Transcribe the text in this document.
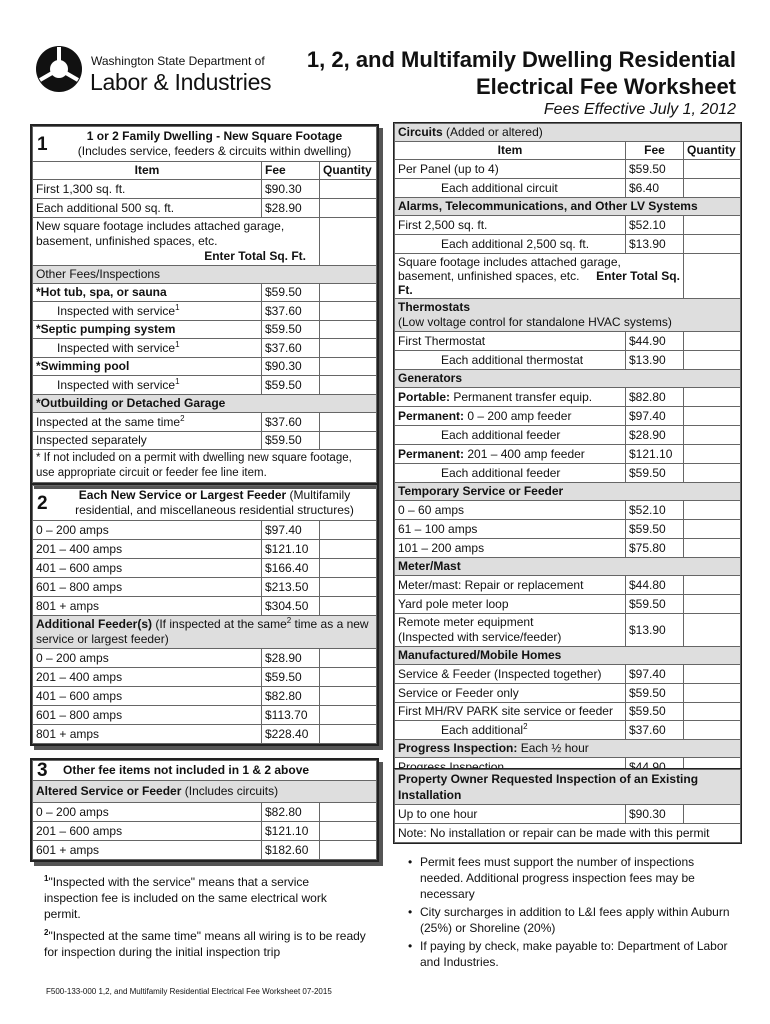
Washington State Department of
Labor & Industries
1, 2, and Multifamily Dwelling Residential
Electrical Fee Worksheet
Fees Effective July 1, 2012
1 1 or 2 Family Dwelling - New Square Footage
(Includes service, feeders & circuits within dwelling)		

Item	Fee	Quantity
First 1,300 sq. ft.	$90.30	
Each additional 500 sq. ft.	$28.90	

New square footage includes attached garage, basement, unfinished spaces, etc.
Enter Total Sq. Ft.		

Other Fees/Inspections		
*Hot tub, spa, or sauna	$59.50	
Inspected with service$^1$	$37.60	
*Septic pumping system	$59.50	
Inspected with service$^1$	$37.60	
*Swimming pool	$90.30	
Inspected with service$^1$	$59.50	
*Outbuilding or Detached Garage		
Inspected at the same time$^2$	$37.60	
Inspected separately	$59.50	
* If not included on a permit with dwelling new square footage, use appropriate circuit or feeder fee line item.		
2 Each New Service or Largest Feeder (Multifamily residential, and miscellaneous residential structures)		

0 – 200 amps	$97.40	
201 – 400 amps	$121.10	
401 – 600 amps	$166.40	
601 – 800 amps	$213.50	
801 + amps	$304.50	
Additional Feeder(s) (If inspected at the same$^2$ time as a new service or largest feeder)		
0 – 200 amps	$28.90	
201 – 400 amps	$59.50	
401 – 600 amps	$82.80	
601 – 800 amps	$113.70	
801 + amps	$228.40	
3 Other fee items not included in 1 & 2 above		

Altered Service or Feeder (Includes circuits)		
0 – 200 amps	$82.80	
201 – 600 amps	$121.10	
601 + amps	$182.60	
Circuits (Added or altered)		
Item	Fee	Quantity
Per Panel (up to 4)	$59.50	
Each additional circuit	$6.40	
Alarms, Telecommunications, and Other LV Systems		
First 2,500 sq. ft.	$52.10	
Each additional 2,500 sq. ft.	$13.90	
Square footage includes attached garage, basement, unfinished spaces, etc. Enter Total Sq. Ft.		

Thermostats
(Low voltage control for standalone HVAC systems)		

First Thermostat	$44.90	
Each additional thermostat	$13.90	
Generators		
Portable: Permanent transfer equip.	$82.80	
Permanent: 0 – 200 amp feeder	$97.40	
Each additional feeder	$28.90	
Permanent: 201 – 400 amp feeder	$121.10	
Each additional feeder	$59.50	
Temporary Service or Feeder		
0 – 60 amps	$52.10	
61 – 100 amps	$59.50	
101 – 200 amps	$75.80	
Meter/Mast		
Meter/mast: Repair or replacement	$44.80	
Yard pole meter loop	$59.50	

Remote meter equipment
(Inspected with service/feeder)	$13.90	
Manufactured/Mobile Homes		
Service & Feeder (Inspected together)	$97.40	
Service or Feeder only	$59.50	
First MH/RV PARK site service or feeder	$59.50	
Each additional$^2$	$37.60	
Progress Inspection: Each ½ hour		
Progress Inspection	$44.90	
Property Owner Requested Inspection of an Existing Installation
Up to one hour	$90.30	
Note: No installation or repair can be made with this permit

$^1$"Inspected with the service" means that a service inspection fee is included on the same electrical work permit.

$^2$"Inspected at the same time" means all wiring is to be ready for inspection during the initial inspection trip

• Permit fees must support the number of inspections needed. Additional progress inspection fees may be necessary
• City surcharges in addition to L&I fees apply within Auburn (25%) or Shoreline (20%)
• If paying by check, make payable to: Department of Labor and Industries.
F500-133-000 1,2, and Multifamily Residential Electrical Fee Worksheet 07-2015
